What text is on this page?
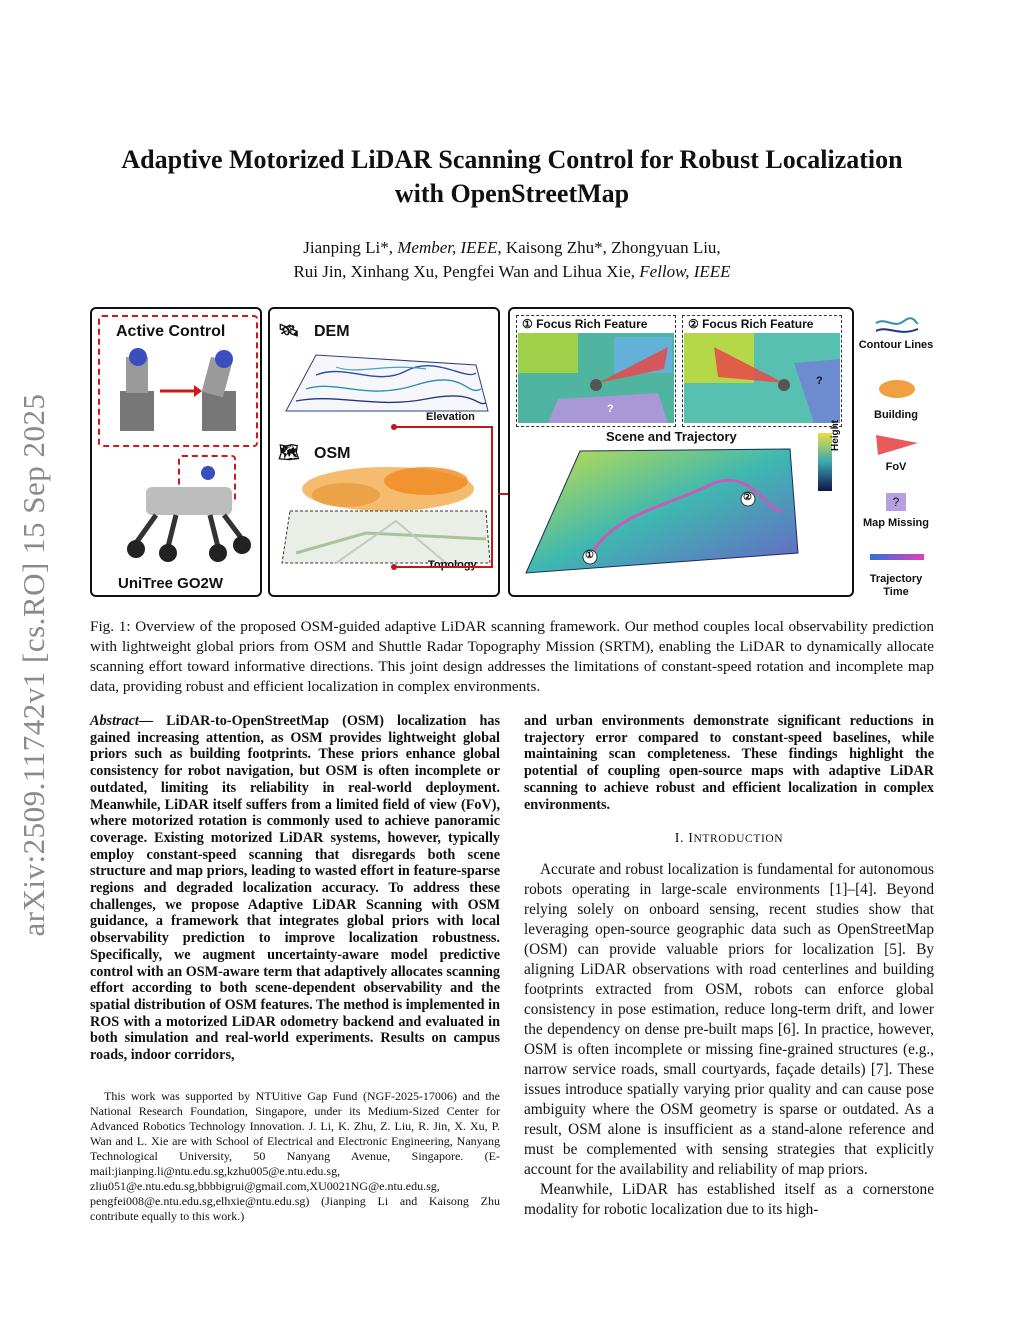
arXiv:2509.11742v1 [cs.RO] 15 Sep 2025
Adaptive Motorized LiDAR Scanning Control for Robust Localization
with OpenStreetMap
Jianping Li*, Member, IEEE, Kaisong Zhu*, Zhongyuan Liu,
Rui Jin, Xinhang Xu, Pengfei Wan and Lihua Xie, Fellow, IEEE
Active Control
UniTree GO2W
🛰 DEM
Elevation
🗺 OSM
Topology
① Focus Rich Feature	② Focus Rich Feature
?
?
Scene and Trajectory
①
②
Height
Contour Lines
Building
FoV
?
Map Missing
Trajectory
Time
Fig. 1: Overview of the proposed OSM-guided adaptive LiDAR scanning framework. Our method couples local observability prediction with lightweight global priors from OSM and Shuttle Radar Topography Mission (SRTM), enabling the LiDAR to dynamically allocate scanning effort toward informative directions. This joint design addresses the limitations of constant-speed rotation and incomplete map data, providing robust and efficient localization in complex environments.
Abstract— LiDAR-to-OpenStreetMap (OSM) localization has gained increasing attention, as OSM provides lightweight global priors such as building footprints. These priors enhance global consistency for robot navigation, but OSM is often incomplete or outdated, limiting its reliability in real-world deployment. Meanwhile, LiDAR itself suffers from a limited field of view (FoV), where motorized rotation is commonly used to achieve panoramic coverage. Existing motorized LiDAR systems, however, typically employ constant-speed scanning that disregards both scene structure and map priors, leading to wasted effort in feature-sparse regions and degraded localization accuracy. To address these challenges, we propose Adaptive LiDAR Scanning with OSM guidance, a framework that integrates global priors with local observability prediction to improve localization robustness. Specifically, we augment uncertainty-aware model predictive control with an OSM-aware term that adaptively allocates scanning effort according to both scene-dependent observability and the spatial distribution of OSM features. The method is implemented in ROS with a motorized LiDAR odometry backend and evaluated in both simulation and real-world experiments. Results on campus roads, indoor corridors,

This work was supported by NTUitive Gap Fund (NGF-2025-17006) and the National Research Foundation, Singapore, under its Medium-Sized Center for Advanced Robotics Technology Innovation. J. Li, K. Zhu, Z. Liu, R. Jin, X. Xu, P. Wan and L. Xie are with School of Electrical and Electronic Engineering, Nanyang Technological University, 50 Nanyang Avenue, Singapore. (E-mail:jianping.li@ntu.edu.sg,kzhu005@e.ntu.edu.sg, zliu051@e.ntu.edu.sg,bbbbigrui@gmail.com,XU0021NG@e.ntu.edu.sg, pengfei008@e.ntu.edu.sg,elhxie@ntu.edu.sg) (Jianping Li and Kaisong Zhu contribute equally to this work.)

and urban environments demonstrate significant reductions in trajectory error compared to constant-speed baselines, while maintaining scan completeness. These findings highlight the potential of coupling open-source maps with adaptive LiDAR scanning to achieve robust and efficient localization in complex environments.
I. INTRODUCTION

Accurate and robust localization is fundamental for autonomous robots operating in large-scale environments [1]–[4]. Beyond relying solely on onboard sensing, recent studies show that leveraging open-source geographic data such as OpenStreetMap (OSM) can provide valuable priors for localization [5]. By aligning LiDAR observations with road centerlines and building footprints extracted from OSM, robots can enforce global consistency in pose estimation, reduce long-term drift, and lower the dependency on dense pre-built maps [6]. In practice, however, OSM is often incomplete or missing fine-grained structures (e.g., narrow service roads, small courtyards, façade details) [7]. These issues introduce spatially varying prior quality and can cause pose ambiguity where the OSM geometry is sparse or outdated. As a result, OSM alone is insufficient as a stand-alone reference and must be complemented with sensing strategies that explicitly account for the availability and reliability of map priors.

Meanwhile, LiDAR has established itself as a cornerstone modality for robotic localization due to its high-
